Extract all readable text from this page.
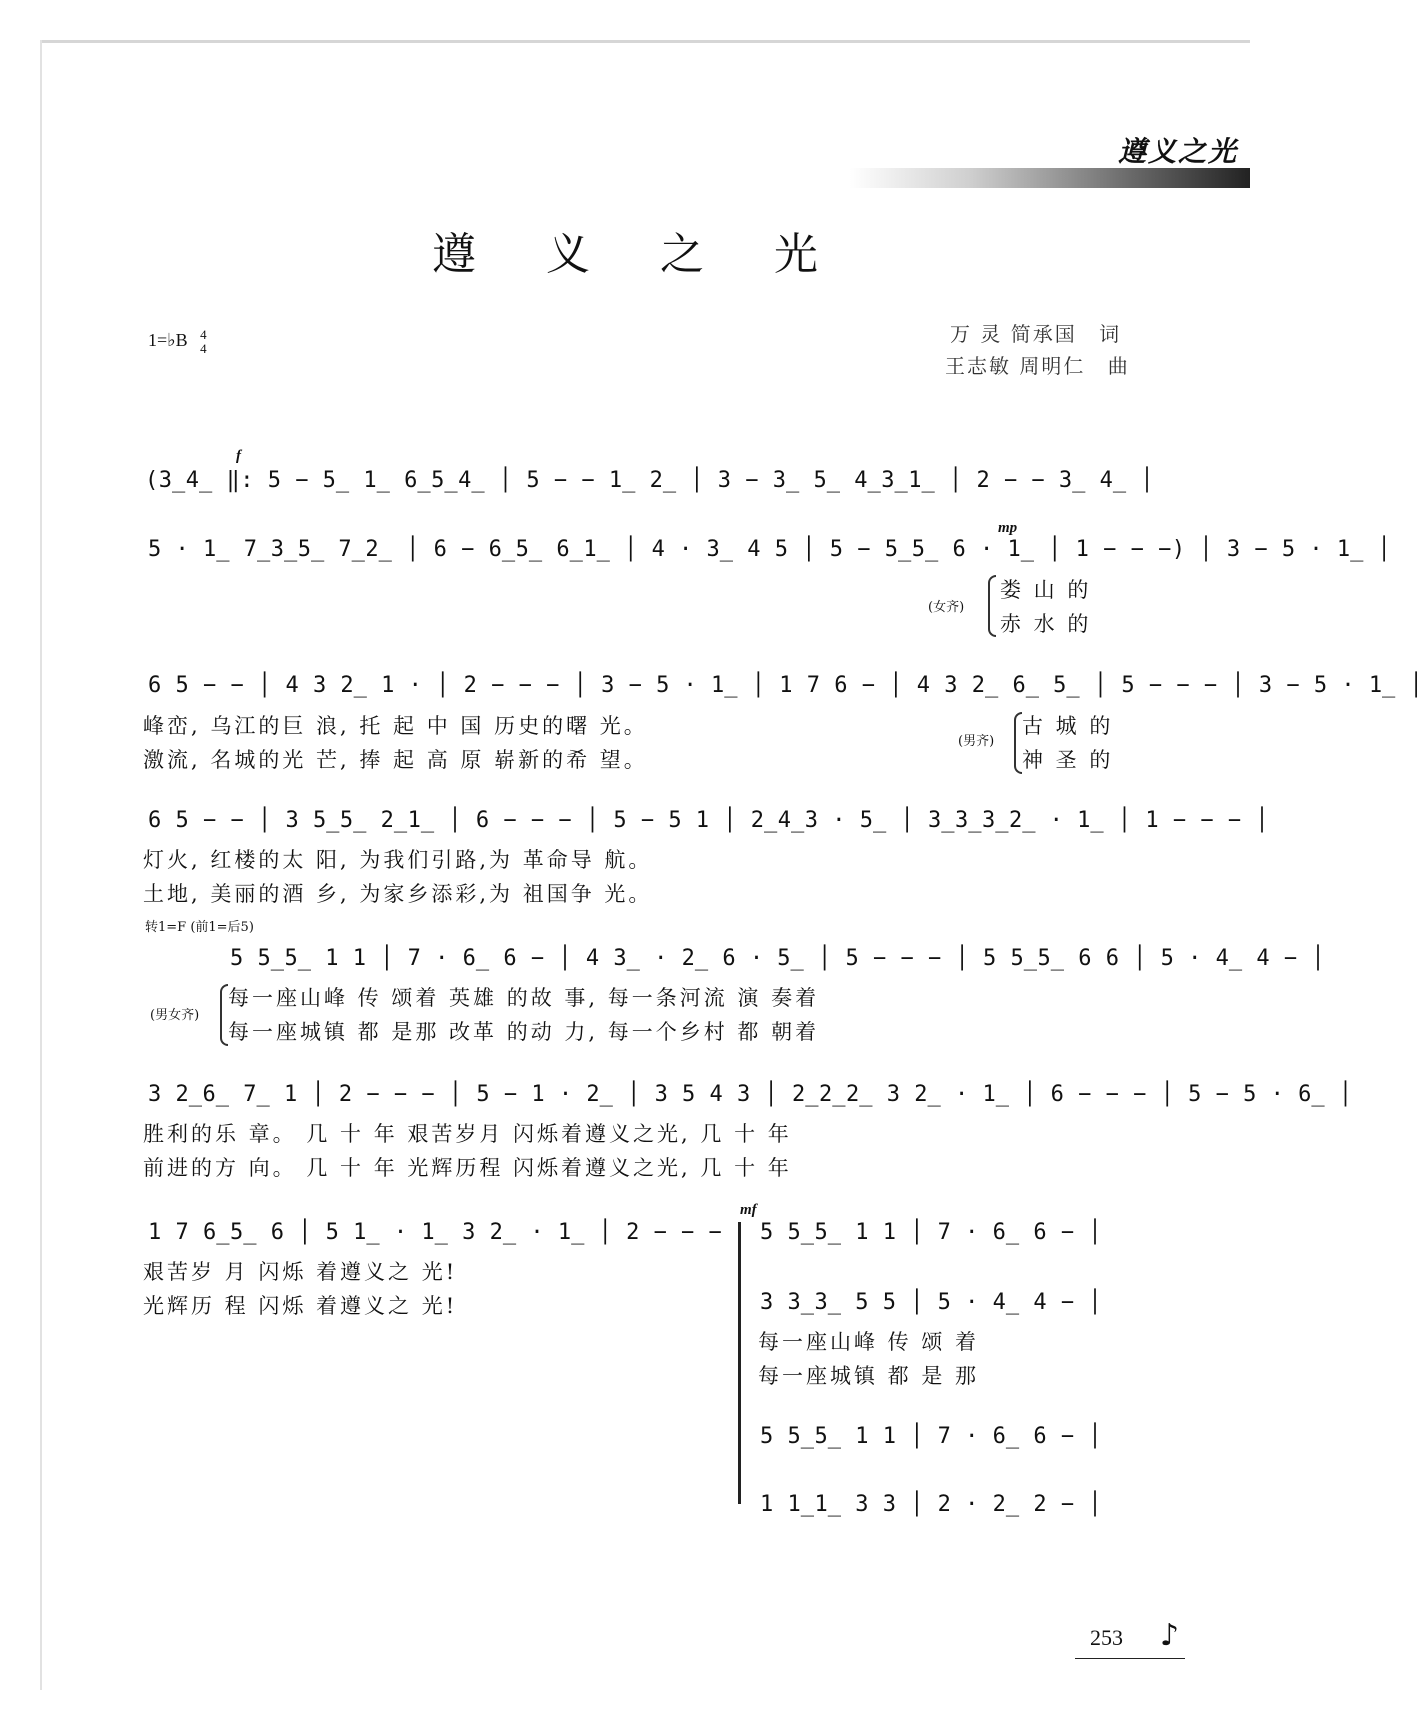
遵义之光
遵 义 之 光
1=♭B 4
4
万 灵 简承国 词
王志敏 周明仁 曲
f
(3̲4̲ ‖: 5 − 5̲ 1̲ 6̲5̲4̲ │ 5 − − 1̲ 2̲ │ 3 − 3̲ 5̲ 4̲3̲1̲ │ 2 − − 3̲ 4̲ │
mp
5 · 1̲ 7̲3̲5̲ 7̲2̲ │ 6 − 6̲5̲ 6̲1̲ │ 4 · 3̲ 4 5 │ 5 − 5̲5̲ 6 · 1̲ │ 1 − − −) │ 3 − 5 · 1̲ │
(女齐)
娄 山 的
赤 水 的
6 5 − − │ 4 3 2̲ 1 · │ 2 − − − │ 3 − 5 · 1̲ │ 1 7 6 − │ 4 3 2̲ 6̲ 5̲ │ 5 − − − │ 3 − 5 · 1̲ │
峰峦, 乌江的巨 浪, 托 起 中 国 历史的曙 光。
激流, 名城的光 芒, 捧 起 高 原 崭新的希 望。
(男齐)
古 城 的
神 圣 的
6 5 − − │ 3 5̲5̲ 2̲1̲ │ 6 − − − │ 5 − 5 1 │ 2̲4̲3 · 5̲ │ 3̲3̲3̲2̲ · 1̲ │ 1 − − − │
灯火, 红楼的太 阳, 为我们引路,为 革命导 航。
土地, 美丽的酒 乡, 为家乡添彩,为 祖国争 光。
转1=F (前1=后5)
5 5̲5̲ 1 1 │ 7 · 6̲ 6 − │ 4 3̲ · 2̲ 6 · 5̲ │ 5 − − − │ 5 5̲5̲ 6 6 │ 5 · 4̲ 4 − │
(男女齐)
每一座山峰 传 颂着 英雄 的故 事, 每一条河流 演 奏着
每一座城镇 都 是那 改革 的动 力, 每一个乡村 都 朝着
3 2̲6̲ 7̲ 1 │ 2 − − − │ 5 − 1 · 2̲ │ 3 5 4 3 │ 2̲2̲2̲ 3 2̲ · 1̲ │ 6 − − − │ 5 − 5 · 6̲ │
胜利的乐 章。 几 十 年 艰苦岁月 闪烁着遵义之光, 几 十 年
前进的方 向。 几 十 年 光辉历程 闪烁着遵义之光, 几 十 年
1 7 6̲5̲ 6 │ 5 1̲ · 1̲ 3 2̲ · 1̲ │ 2 − − −
艰苦岁 月 闪烁 着遵义之 光!
光辉历 程 闪烁 着遵义之 光!
mf
5 5̲5̲ 1 1 │ 7 · 6̲ 6 − │
3 3̲3̲ 5 5 │ 5 · 4̲ 4 − │
每一座山峰 传 颂 着
每一座城镇 都 是 那
5 5̲5̲ 1 1 │ 7 · 6̲ 6 − │
1 1̲1̲ 3 3 │ 2 · 2̲ 2 − │
253 ♪
